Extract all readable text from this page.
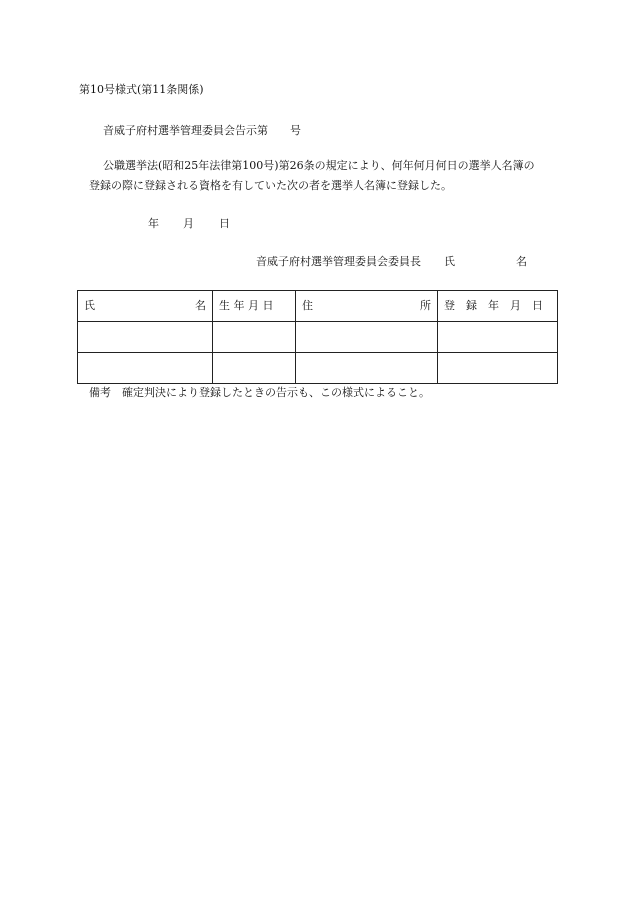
第10号様式(第11条関係)
音威子府村選挙管理委員会告示第　　号
公職選挙法(昭和25年法律第100号)第26条の規定により、何年何月何日の選挙人名簿の
登録の際に登録される資格を有していた次の者を選挙人名簿に登録した。
年 月 日
音威子府村選挙管理委員会委員長 氏	名
氏 名	生 年 月 日	住 所	登　録　年　月　日

備考　確定判決により登録したときの告示も、この様式によること。
